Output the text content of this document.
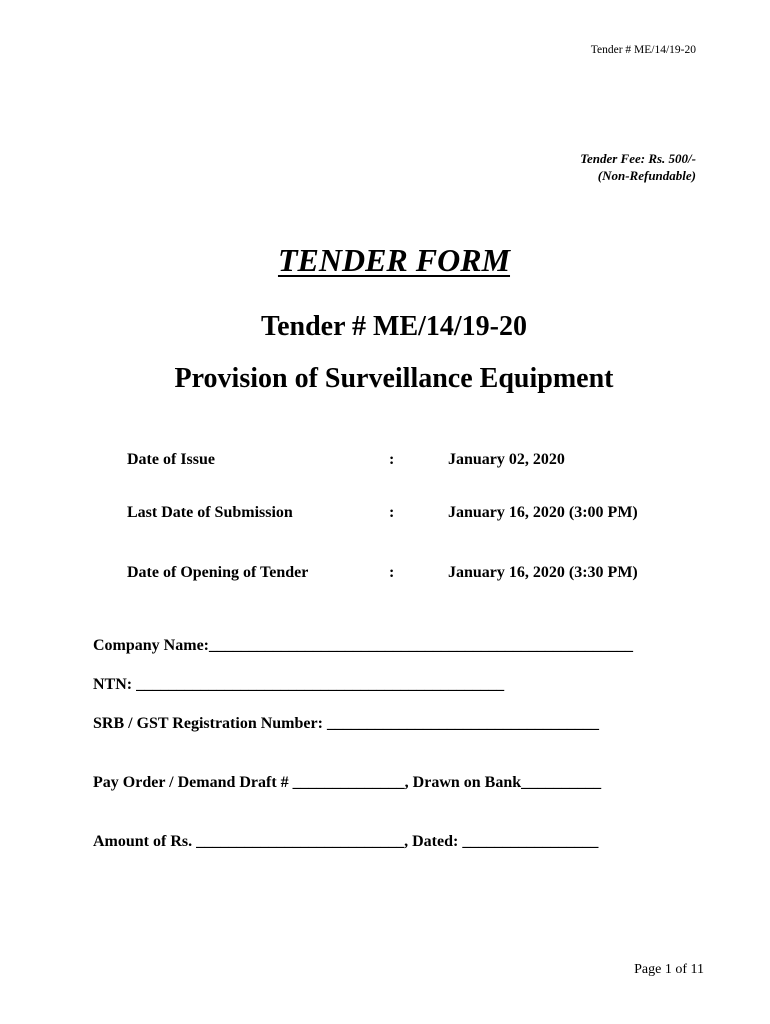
Tender # ME/14/19-20
Tender Fee: Rs. 500/-
(Non-Refundable)
TENDER FORM
Tender # ME/14/19-20
Provision of Surveillance Equipment
Date of Issue	:	January 02, 2020
Last Date of Submission	:	January 16, 2020 (3:00 PM)
Date of Opening of Tender	:	January 16, 2020 (3:30 PM)
Company Name:_____________________________________________________
NTN: ______________________________________________
SRB / GST Registration Number: __________________________________
Pay Order / Demand Draft # ______________, Drawn on Bank__________
Amount of Rs. __________________________, Dated: _________________
Page 1 of 11
